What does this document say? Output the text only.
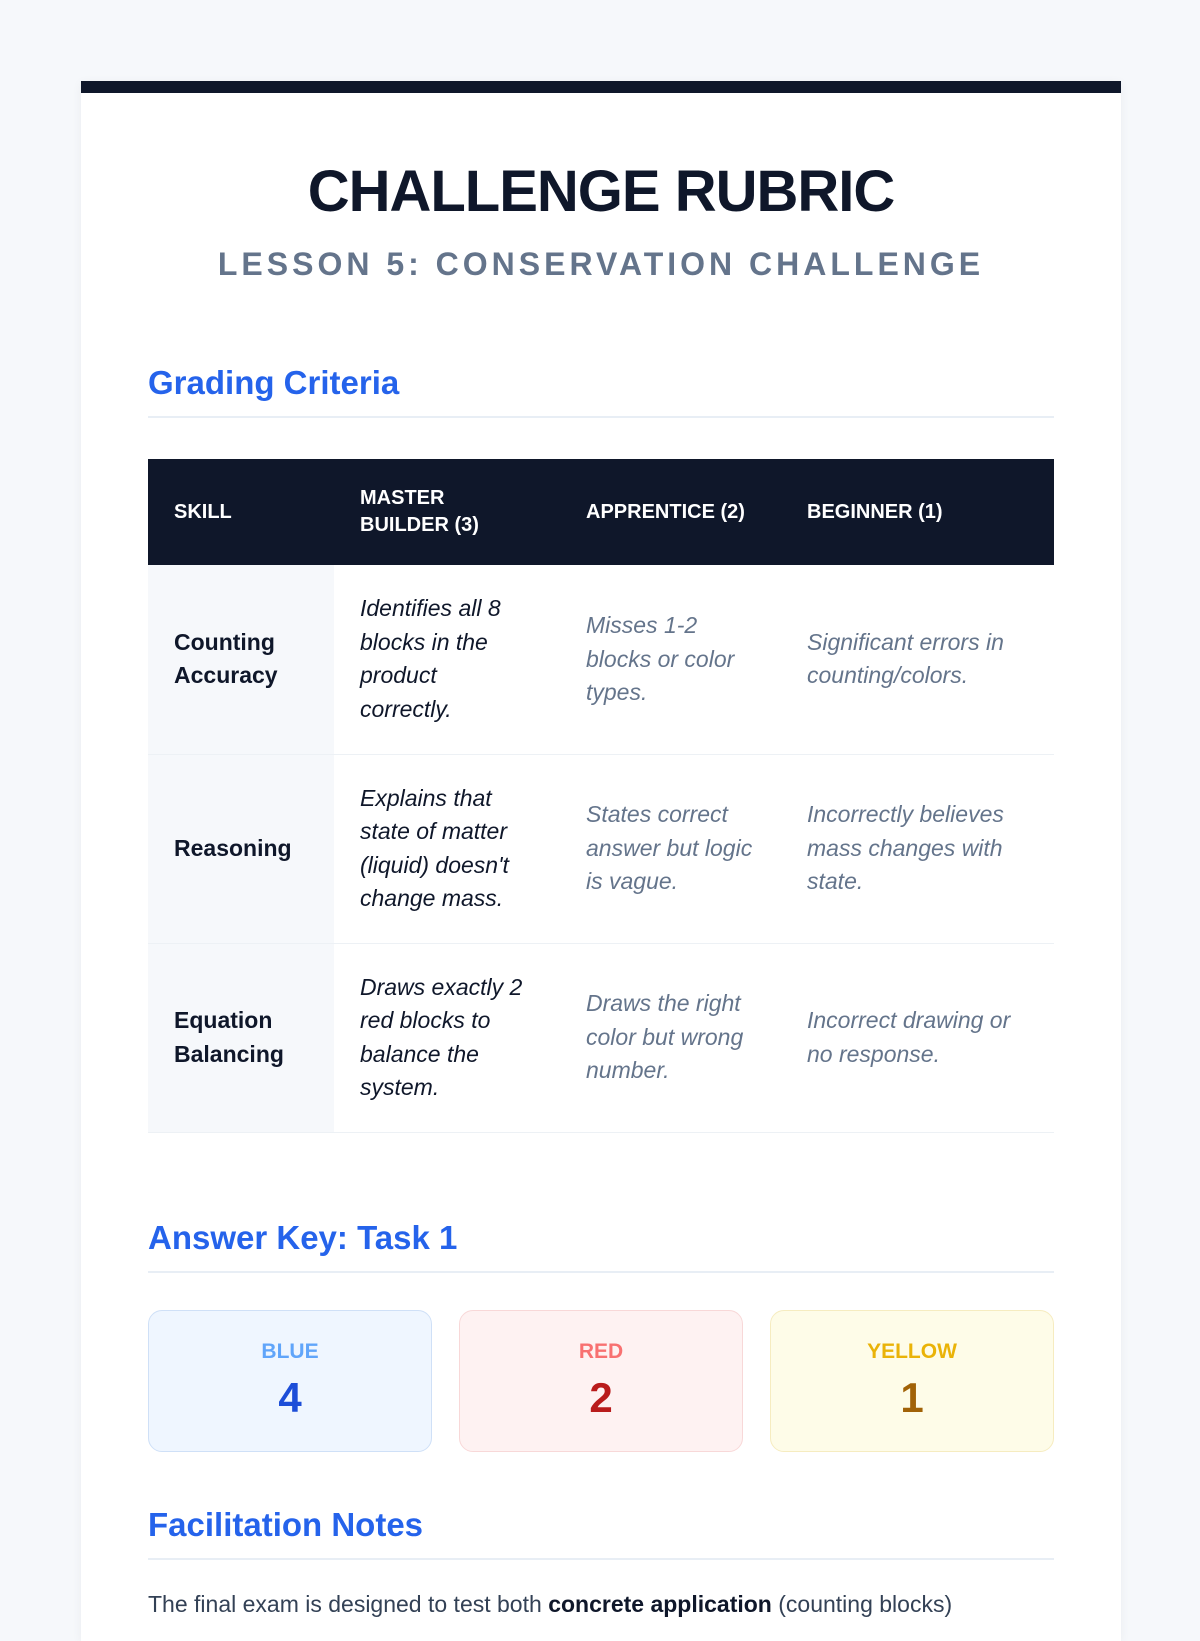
CHALLENGE RUBRIC
LESSON 5: CONSERVATION CHALLENGE
Grading Criteria
SKILL	MASTER BUILDER (3)	APPRENTICE (2)	BEGINNER (1)
Counting Accuracy	Identifies all 8 blocks in the product correctly.	Misses 1-2 blocks or color types.	Significant errors in counting/colors.
Reasoning	Explains that state of matter (liquid) doesn't change mass.	States correct answer but logic is vague.	Incorrectly believes mass changes with state.
Equation Balancing	Draws exactly 2 red blocks to balance the system.	Draws the right color but wrong number.	Incorrect drawing or no response.
Answer Key: Task 1
BLUE
4
RED
2
YELLOW
1
Facilitation Notes

The final exam is designed to test both concrete application (counting blocks)
